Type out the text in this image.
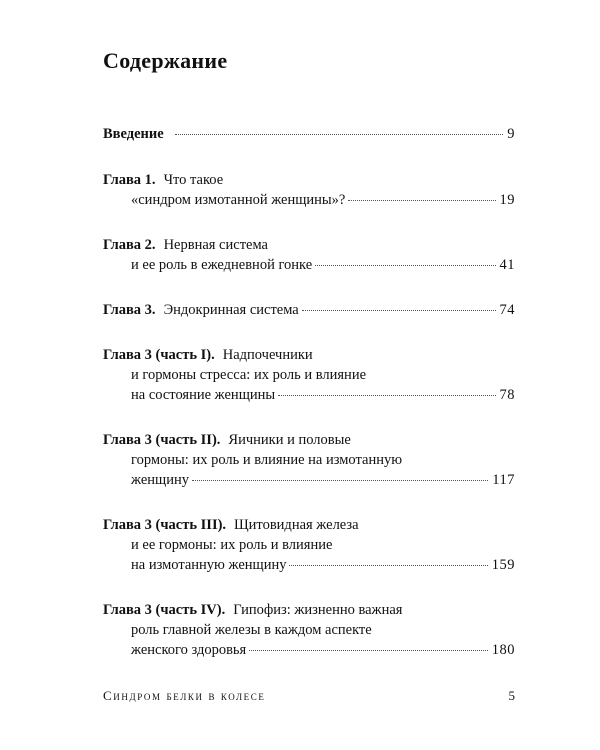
Содержание
Введение	9
Глава 1. Что такое
«синдром измотанной женщины»?	19
Глава 2. Нервная система
и ее роль в ежедневной гонке	41
Глава 3. Эндокринная система	74
Глава 3 (часть I). Надпочечники
и гормоны стресса: их роль и влияние
на состояние женщины	78
Глава 3 (часть II). Яичники и половые
гормоны: их роль и влияние на измотанную
женщину	117
Глава 3 (часть III). Щитовидная железа
и ее гормоны: их роль и влияние
на измотанную женщину	159
Глава 3 (часть IV). Гипофиз: жизненно важная
роль главной железы в каждом аспекте
женского здоровья	180
Синдром белки в колесе	5
